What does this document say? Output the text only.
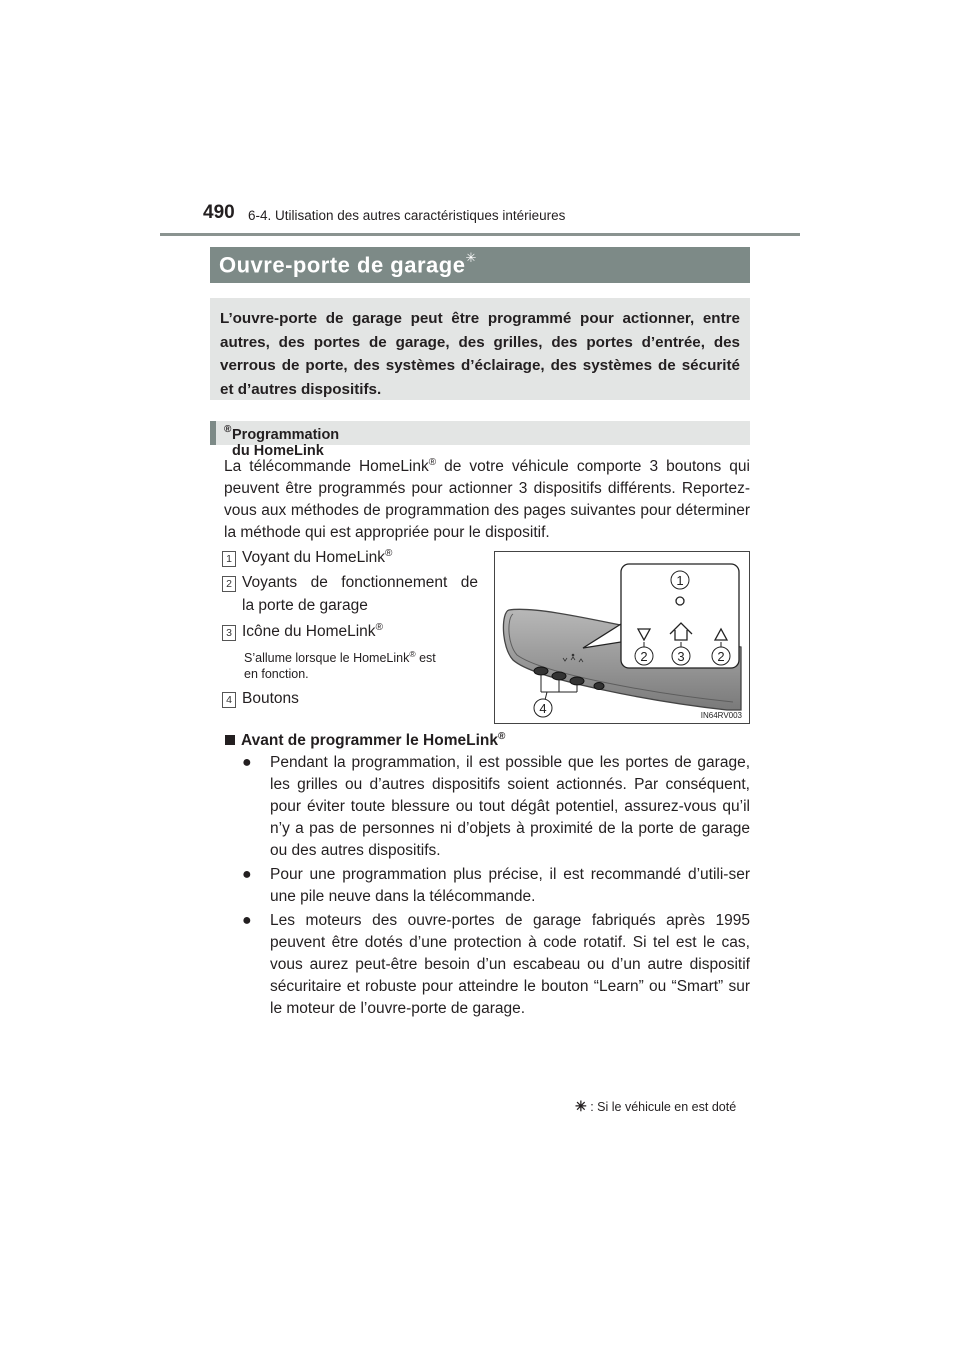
490 6-4. Utilisation des autres caractéristiques intérieures
Ouvre-porte de garage✳

L’ouvre-porte de garage peut être programmé pour actionner, entre autres, des portes de garage, des grilles, des portes d’entrée, des verrous de porte, des systèmes d’éclairage, des systèmes de sécurité et d’autres dispositifs.

Programmation du HomeLink
®
La télécommande HomeLink® de votre véhicule comporte 3 boutons qui peuvent être programmés pour actionner 3 dispositifs différents. Reportez-vous aux méthodes de programmation des pages suivantes pour déterminer la méthode qui est appropriée pour le dispositif.
1 Voyant du HomeLink®
2 Voyants de fonctionnement de
la porte de garage
3 Icône du HomeLink®
S’allume lorsque le HomeLink® est
en fonction.
4 Boutons
1
2 3	2
4	IN64RV003
Avant de programmer le HomeLink®
● Pendant la programmation, il est possible que les portes de garage, les grilles ou d’autres dispositifs soient actionnés. Par conséquent, pour éviter toute blessure ou tout dégât potentiel, assurez-vous qu’il n’y a pas de personnes ni d’objets à proximité de la porte de garage ou des autres dispositifs.
● Pour une programmation plus précise, il est recommandé d’utili-ser une pile neuve dans la télécommande.
● Les moteurs des ouvre-portes de garage fabriqués après 1995 peuvent être dotés d’une protection à code rotatif. Si tel est le cas, vous aurez peut-être besoin d’un escabeau ou d’un autre dispositif sécuritaire et robuste pour atteindre le bouton “Learn” ou “Smart” sur le moteur de l’ouvre-porte de garage.
✳ : Si le véhicule en est doté
